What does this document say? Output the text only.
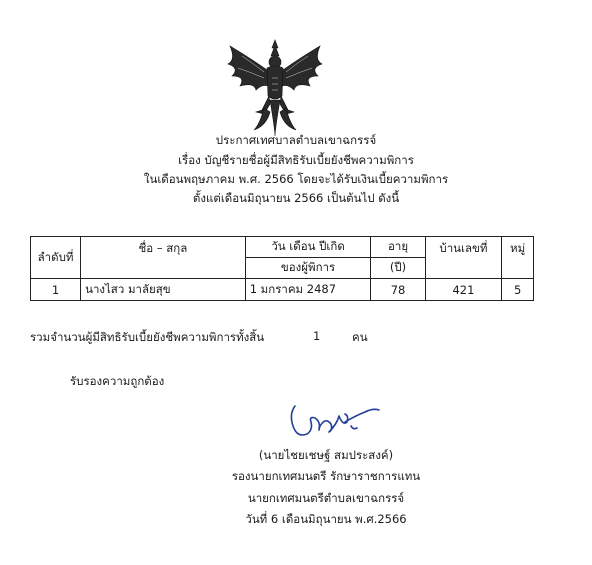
ประกาศเทศบาลตำบลเขาฉกรรจ์
เรื่อง บัญชีรายชื่อผู้มีสิทธิรับเบี้ยยังชีพความพิการ
ในเดือนพฤษภาคม พ.ศ. 2566 โดยจะได้รับเงินเบี้ยความพิการ
ตั้งแต่เดือนมิถุนายน 2566 เป็นต้นไป ดังนี้
ลำดับที่	ชื่อ – สกุล	วัน เดือน ปีเกิด	อายุ	บ้านเลขที่	หมู่
		ของผู้พิการ	(ปี)		
1	นางไสว มาลัยสุข	1 มกราคม 2487	78	421	5
รวมจำนวนผู้มีสิทธิรับเบี้ยยังชีพความพิการทั้งสิ้น	1	คน
รับรองความถูกต้อง
(นายไชยเชษฐ์ สมประสงค์)
รองนายกเทศมนตรี รักษาราชการแทน
นายกเทศมนตรีตำบลเขาฉกรรจ์
วันที่ 6 เดือนมิถุนายน พ.ศ.2566
